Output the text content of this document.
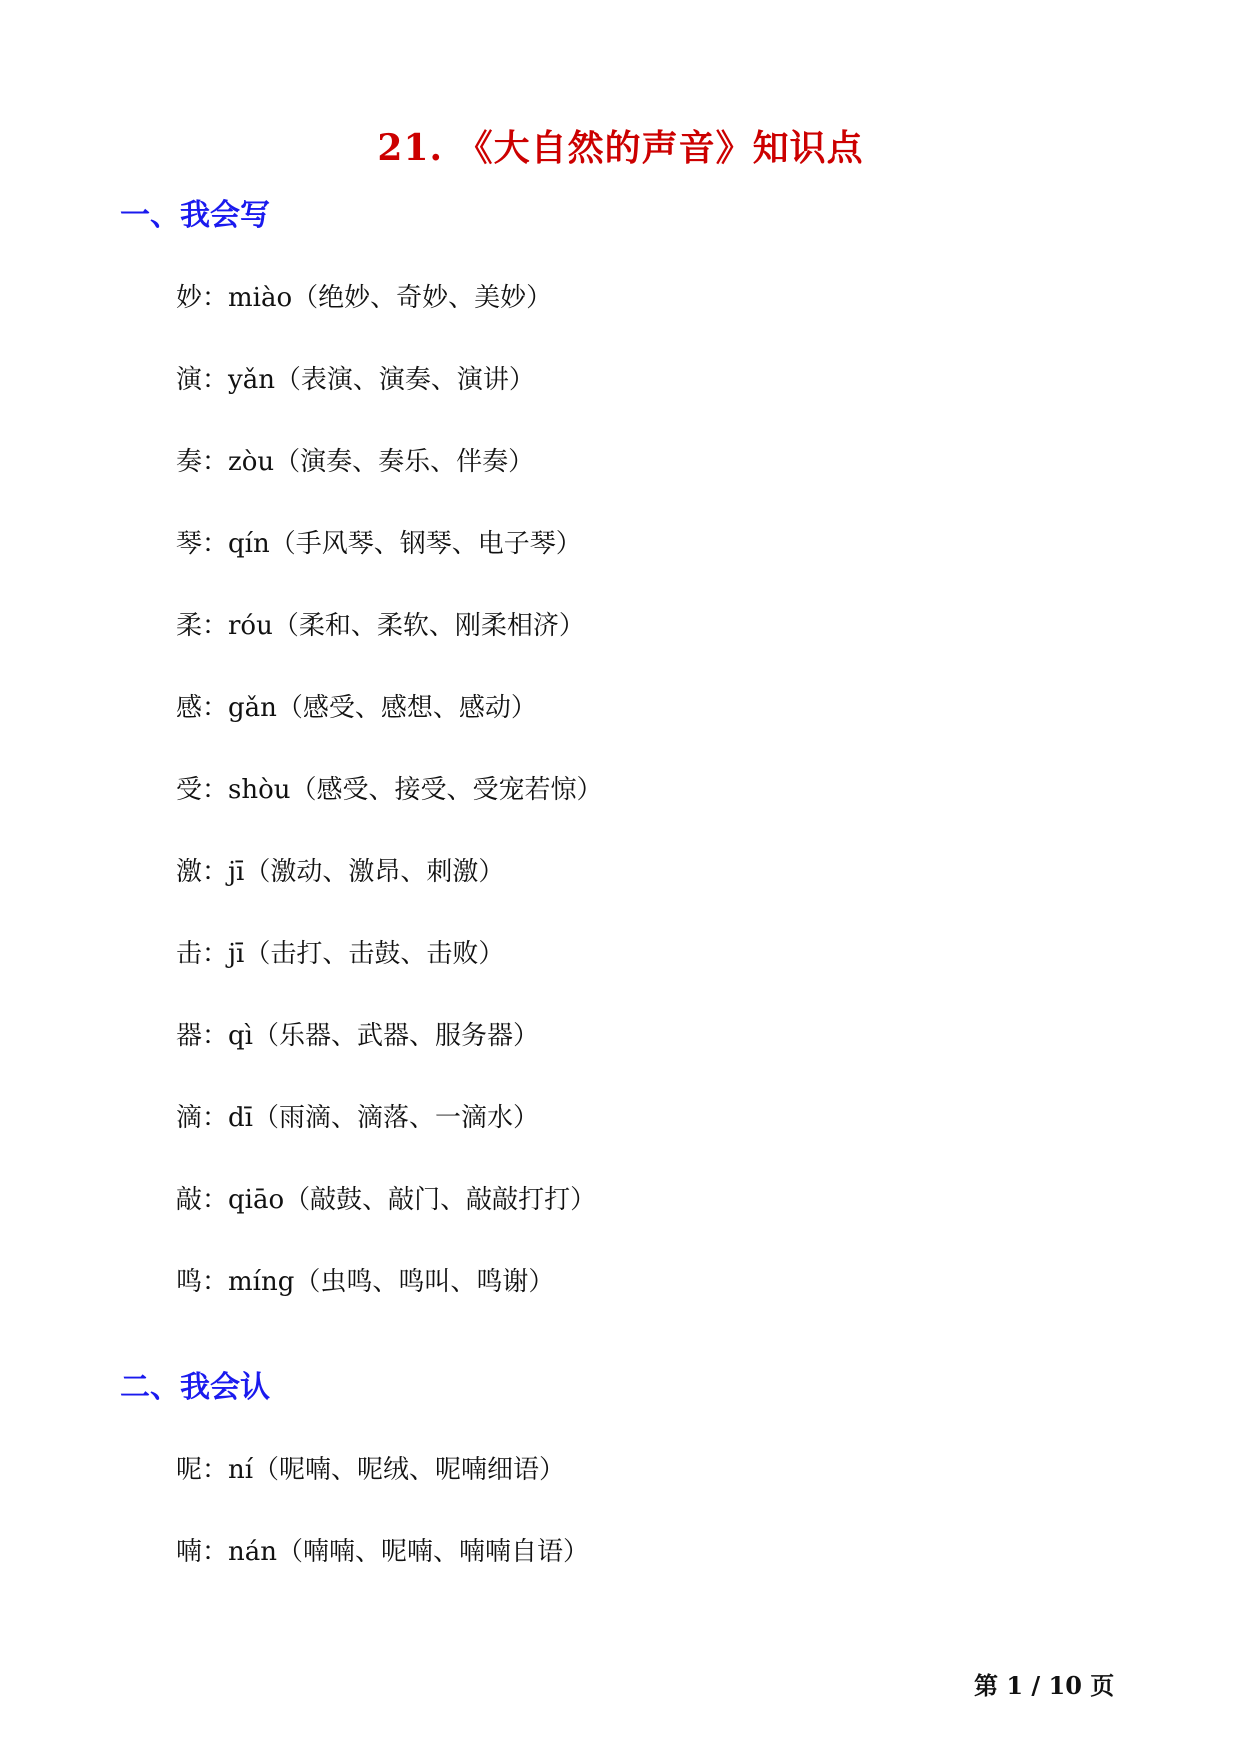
21. 《大自然的声音》知识点
一、我会写
妙：miào（绝妙、奇妙、美妙）
演：yǎn（表演、演奏、演讲）
奏：zòu（演奏、奏乐、伴奏）
琴：qín（手风琴、钢琴、电子琴）
柔：róu（柔和、柔软、刚柔相济）
感：gǎn（感受、感想、感动）
受：shòu（感受、接受、受宠若惊）
激：jī（激动、激昂、刺激）
击：jī（击打、击鼓、击败）
器：qì（乐器、武器、服务器）
滴：dī（雨滴、滴落、一滴水）
敲：qiāo（敲鼓、敲门、敲敲打打）
鸣：míng（虫鸣、鸣叫、鸣谢）
二、我会认
呢：ní（呢喃、呢绒、呢喃细语）
喃：nán（喃喃、呢喃、喃喃自语）
第 1 / 10 页
